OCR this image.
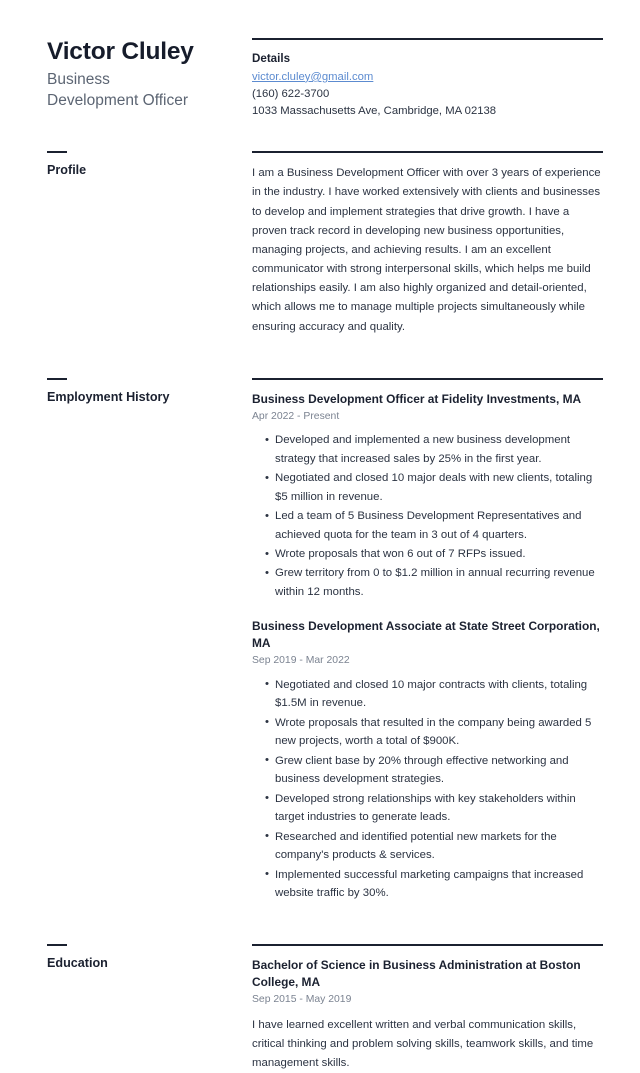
Victor Cluley
Business
Development Officer
Details
victor.cluley@gmail.com
(160) 622-3700
1033 Massachusetts Ave, Cambridge, MA 02138
Profile	I am a Business Development Officer with over 3 years of experience in the industry. I have worked extensively with clients and businesses to develop and implement strategies that drive growth. I have a proven track record in developing new business opportunities, managing projects, and achieving results. I am an excellent communicator with strong interpersonal skills, which helps me build relationships easily. I am also highly organized and detail-oriented, which allows me to manage multiple projects simultaneously while ensuring accuracy and quality.
Employment History	Business Development Officer at Fidelity Investments, MA
Apr 2022 - Present
• Developed and implemented a new business development strategy that increased sales by 25% in the first year.
• Negotiated and closed 10 major deals with new clients, totaling $5 million in revenue.
• Led a team of 5 Business Development Representatives and achieved quota for the team in 3 out of 4 quarters.
• Wrote proposals that won 6 out of 7 RFPs issued.
• Grew territory from 0 to $1.2 million in annual recurring revenue within 12 months.
Business Development Associate at State Street Corporation, MA
Sep 2019 - Mar 2022
• Negotiated and closed 10 major contracts with clients, totaling $1.5M in revenue.
• Wrote proposals that resulted in the company being awarded 5 new projects, worth a total of $900K.
• Grew client base by 20% through effective networking and business development strategies.
• Developed strong relationships with key stakeholders within target industries to generate leads.
• Researched and identified potential new markets for the company's products & services.
• Implemented successful marketing campaigns that increased website traffic by 30%.
Education	Bachelor of Science in Business Administration at Boston College, MA
Sep 2015 - May 2019
I have learned excellent written and verbal communication skills, critical thinking and problem solving skills, teamwork skills, and time management skills.
